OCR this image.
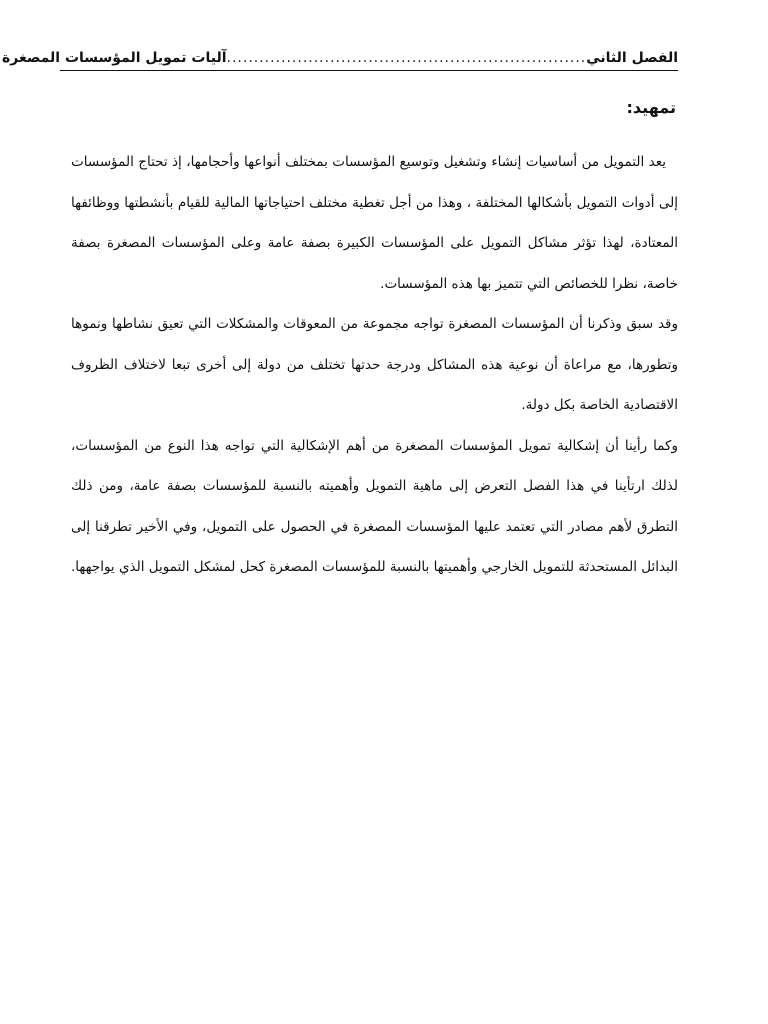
الفصل الثاني
..................................................................
آليات تمويل المؤسسات المصغرة
تمهيد:

يعد التمويل من أساسيات إنشاء وتشغيل وتوسيع المؤسسات بمختلف أنواعها وأحجامها، إذ تحتاج المؤسسات إلى أدوات التمويل بأشكالها المختلفة ، وهذا من أجل تغطية مختلف احتياجاتها المالية للقيام بأنشطتها ووظائفها المعتادة، لهذا تؤثر مشاكل التمويل على المؤسسات الكبيرة بصفة عامة وعلى المؤسسات المصغرة بصفة خاصة، نظرا للخصائص التي تتميز بها هذه المؤسسات.

وقد سبق وذكرنا أن المؤسسات المصغرة تواجه مجموعة من المعوقات والمشكلات التي تعيق نشاطها ونموها وتطورها، مع مراعاة أن نوعية هذه المشاكل ودرجة حدتها تختلف من دولة إلى أخرى تبعا لاختلاف الظروف الاقتصادية الخاصة بكل دولة.

وكما رأينا أن إشكالية تمويل المؤسسات المصغرة من أهم الإشكالية التي تواجه هذا النوع من المؤسسات، لذلك ارتأينا في هذا الفصل التعرض إلى ماهية التمويل وأهميته بالنسبة للمؤسسات بصفة عامة، ومن ذلك التطرق لأهم مصادر التي تعتمد عليها المؤسسات المصغرة في الحصول على التمويل، وفي الأخير تطرقنا إلى البدائل المستحدثة للتمويل الخارجي وأهميتها بالنسبة للمؤسسات المصغرة كحل لمشكل التمويل الذي يواجهها.
